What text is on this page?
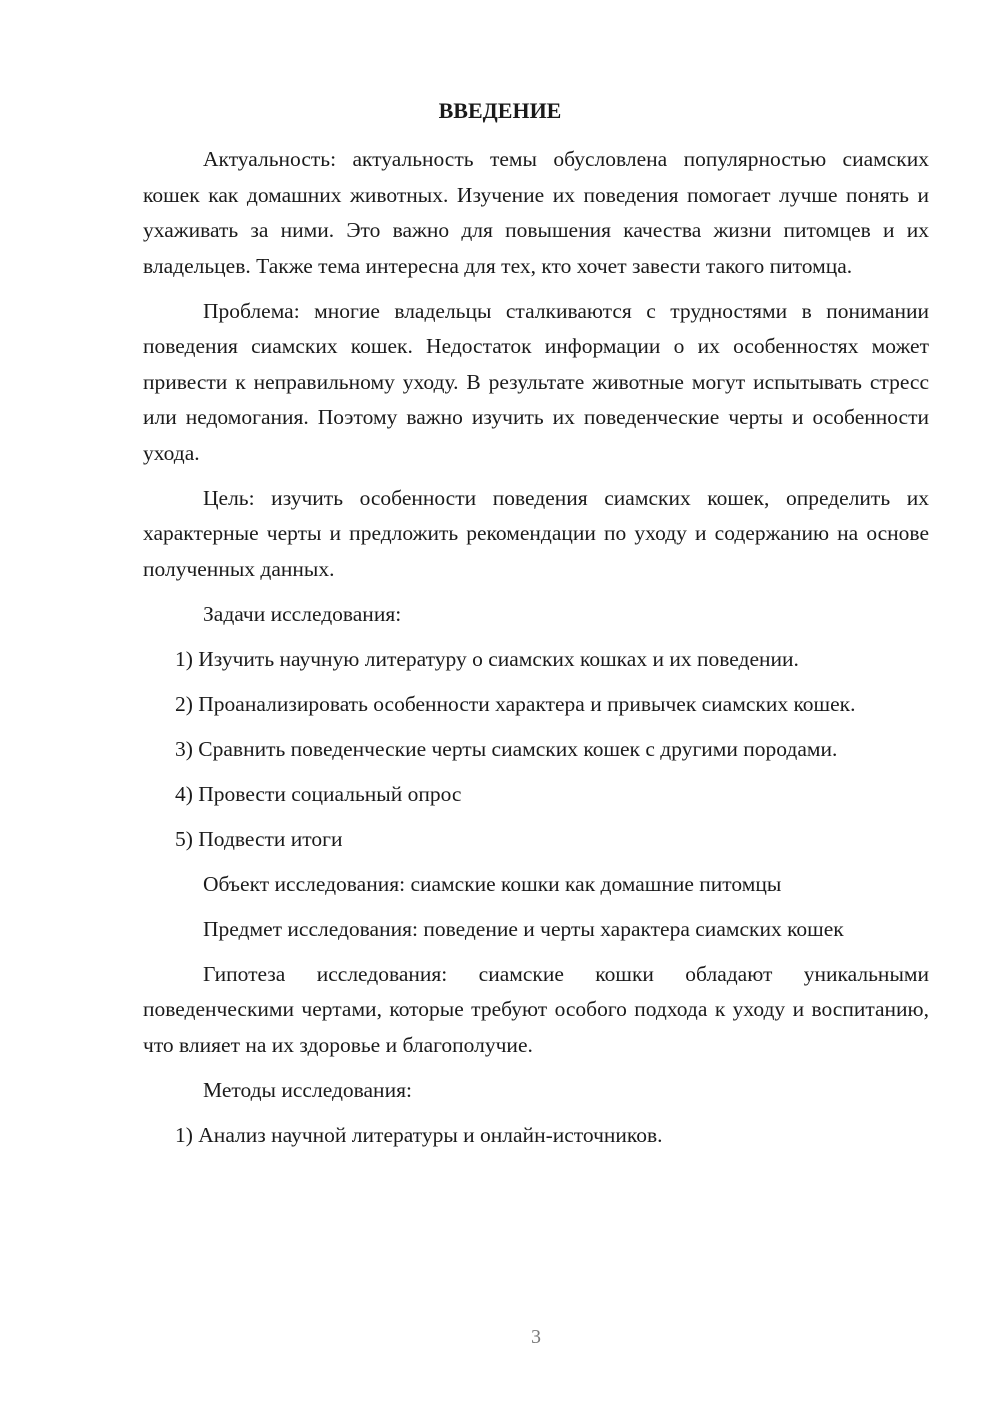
ВВЕДЕНИЕ

Актуальность: актуальность темы обусловлена популярностью сиамских кошек как домашних животных. Изучение их поведения помогает лучше понять и ухаживать за ними. Это важно для повышения качества жизни питомцев и их владельцев. Также тема интересна для тех, кто хочет завести такого питомца.

Проблема: многие владельцы сталкиваются с трудностями в понимании поведения сиамских кошек. Недостаток информации о их особенностях может привести к неправильному уходу. В результате животные могут испытывать стресс или недомогания. Поэтому важно изучить их поведенческие черты и особенности ухода.

Цель: изучить особенности поведения сиамских кошек, определить их характерные черты и предложить рекомендации по уходу и содержанию на основе полученных данных.

Задачи исследования:

1) Изучить научную литературу о сиамских кошках и их поведении.

2) Проанализировать особенности характера и привычек сиамских кошек.

3) Сравнить поведенческие черты сиамских кошек с другими породами.

4) Провести социальный опрос

5) Подвести итоги

Объект исследования: сиамские кошки как домашние питомцы

Предмет исследования: поведение и черты характера сиамских кошек

Гипотеза исследования: сиамские кошки обладают уникальными поведенческими чертами, которые требуют особого подхода к уходу и воспитанию, что влияет на их здоровье и благополучие.

Методы исследования:

1) Анализ научной литературы и онлайн-источников.

3
